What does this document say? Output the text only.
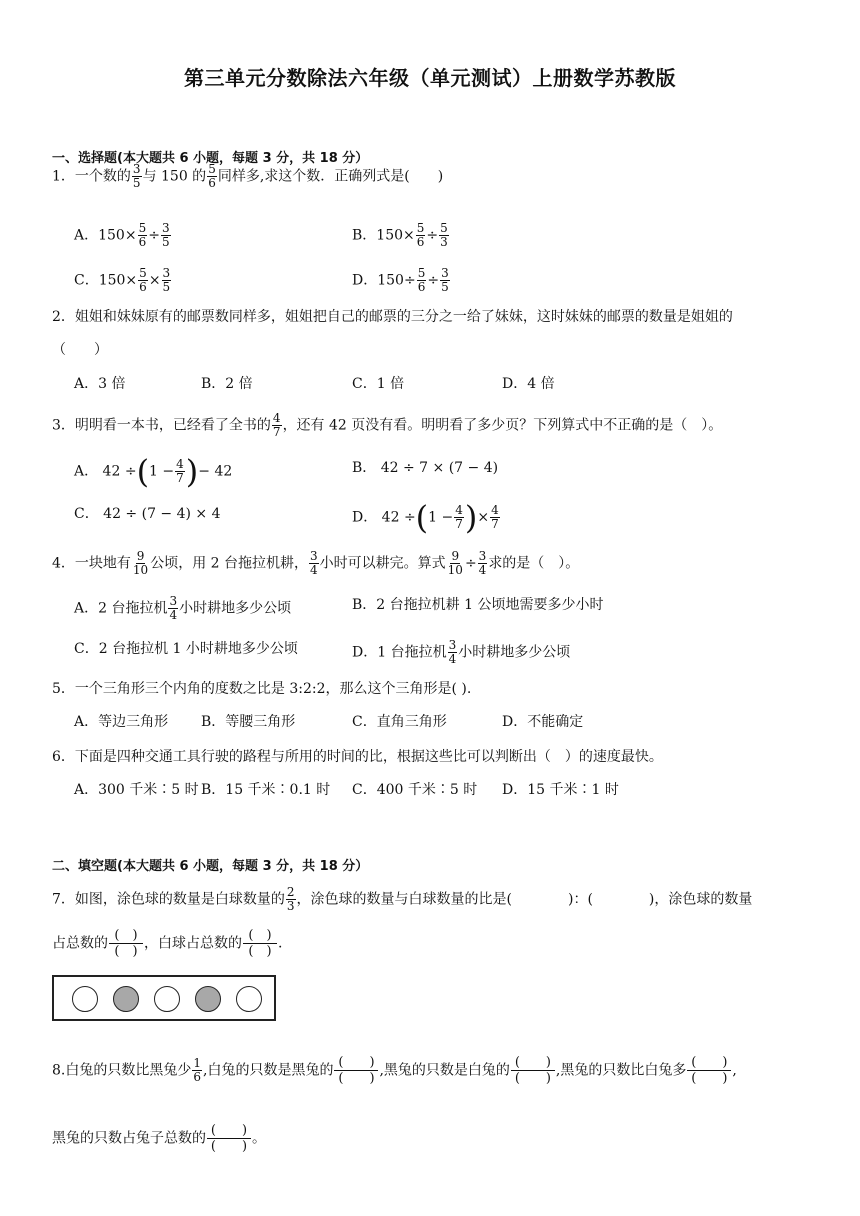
第三单元分数除法六年级（单元测试）上册数学苏教版
一、选择题(本大题共 6 小题，每题 3 分，共 18 分）
1．一个数的 $\frac{3}{5}$ 与 150 的 $\frac{5}{6}$ 同样多,求这个数．正确列式是(　　)
A．$150\times \frac{5}{6} \div \frac{3}{5}$	B．$150\times \frac{5}{6} \div \frac{5}{3}$
C．$150\times \frac{5}{6} \times \frac{3}{5}$	D．$150\div \frac{5}{6} \div \frac{3}{5}$
2．姐姐和妹妹原有的邮票数同样多，姐姐把自己的邮票的三分之一给了妹妹，这时妹妹的邮票的数量是姐姐的
（　　）
A．3 倍	B．2 倍	C．1 倍	D．4 倍
3．明明看一本书，已经看了全书的 $\frac{4}{7}$ ，还有 42 页没有看。明明看了多少页？下列算式中不正确的是（　）。
A． $42 \div(1 - \frac{4}{7}$ )− 42	B． 42 ÷ 7 × (7 − 4)
C． 42 ÷ (7 − 4) × 4	D． $42 \div(1 - \frac{4}{7}$ )× $\frac{4}{7}$
4．一块地有 $\frac{9}{10}$ 公顷，用 2 台拖拉机耕， $\frac{3}{4}$ 小时可以耕完。算式 $\frac{9}{10} \div \frac{3}{4}$ 求的是（　）。
A．2 台拖拉机 $\frac{3}{4}$ 小时耕地多少公顷	B．2 台拖拉机耕 1 公顷地需要多少小时
C．2 台拖拉机 1 小时耕地多少公顷	D．1 台拖拉机 $\frac{3}{4}$ 小时耕地多少公顷
5．一个三角形三个内角的度数之比是 3:2:2，那么这个三角形是( ).
A．等边三角形 B．等腰三角形	C．直角三角形	D．不能确定
6．下面是四种交通工具行驶的路程与所用的时间的比，根据这些比可以判断出（　）的速度最快。
A．300 千米∶5 时 B．15 千米∶0.1 时 C．400 千米∶5 时 D．15 千米∶1 时
二、填空题(本大题共 6 小题，每题 3 分，共 18 分）
7．如图，涂色球的数量是白球数量的 $\frac{2}{3}$ ，涂色球的数量与白球数量的比是(　　　　)：(　　　　)，涂色球的数量
占总数的 $\frac{( )}{( )}$ ，白球占总数的 $\frac{( )}{( )}$ .
8.白兔的只数比黑兔少 $\frac{1}{6}$ ,白兔的只数是黑兔的 $\frac{( )}{( )}$ ,黑兔的只数是白兔的 $\frac{( )}{( )}$ ,黑兔的只数比白兔多 $\frac{( )}{( )}$ ,
黑兔的只数占兔子总数的 $\frac{( )}{( )}$ 。
